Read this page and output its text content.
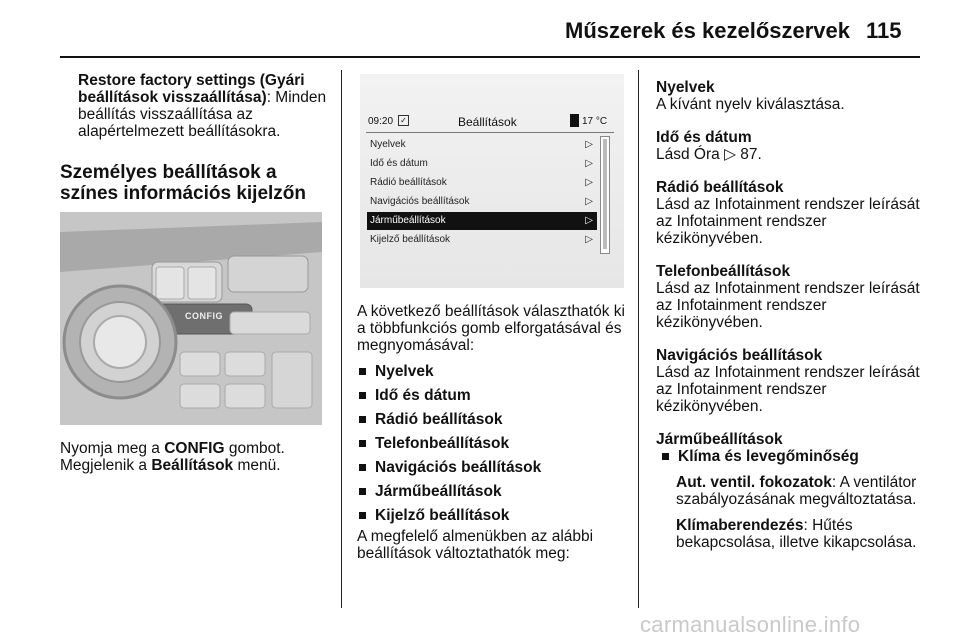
Műszerek és kezelőszervek 115

Restore factory settings (Gyári beállítások visszaállítása): Minden beállítás visszaállítása az alapértelmezett beállításokra.

Személyes beállítások a színes információs kijelzőn
CONFIG

Nyomja meg a CONFIG gombot.

Megjelenik a Beállítások menü.

09:20 ✓	Beállítások	17 °C
Nyelvek	▷
Idő és dátum	▷
Rádió beállítások	▷
Navigációs beállítások	▷
Járműbeállítások	▷
Kijelző beállítások	▷

A következő beállítások választhatók ki a többfunkciós gomb elforgatásával és megnyomásával:

Nyelvek
Idő és dátum
Rádió beállítások
Telefonbeállítások
Navigációs beállítások
Járműbeállítások
Kijelző beállítások

A megfelelő almenükben az alábbi beállítások változtathatók meg:

Nyelvek

A kívánt nyelv kiválasztása.

Idő és dátum

Lásd Óra ▷ 87.

Rádió beállítások

Lásd az Infotainment rendszer leírását az Infotainment rendszer kézikönyvében.

Telefonbeállítások

Lásd az Infotainment rendszer leírását az Infotainment rendszer kézikönyvében.

Navigációs beállítások

Lásd az Infotainment rendszer leírását az Infotainment rendszer kézikönyvében.

Járműbeállítások

Klíma és levegőminőség

Aut. ventil. fokozatok: A ventilátor szabályozásának megváltoztatása.

Klímaberendezés: Hűtés bekapcsolása, illetve kikapcsolása.

carmanualsonline.info
